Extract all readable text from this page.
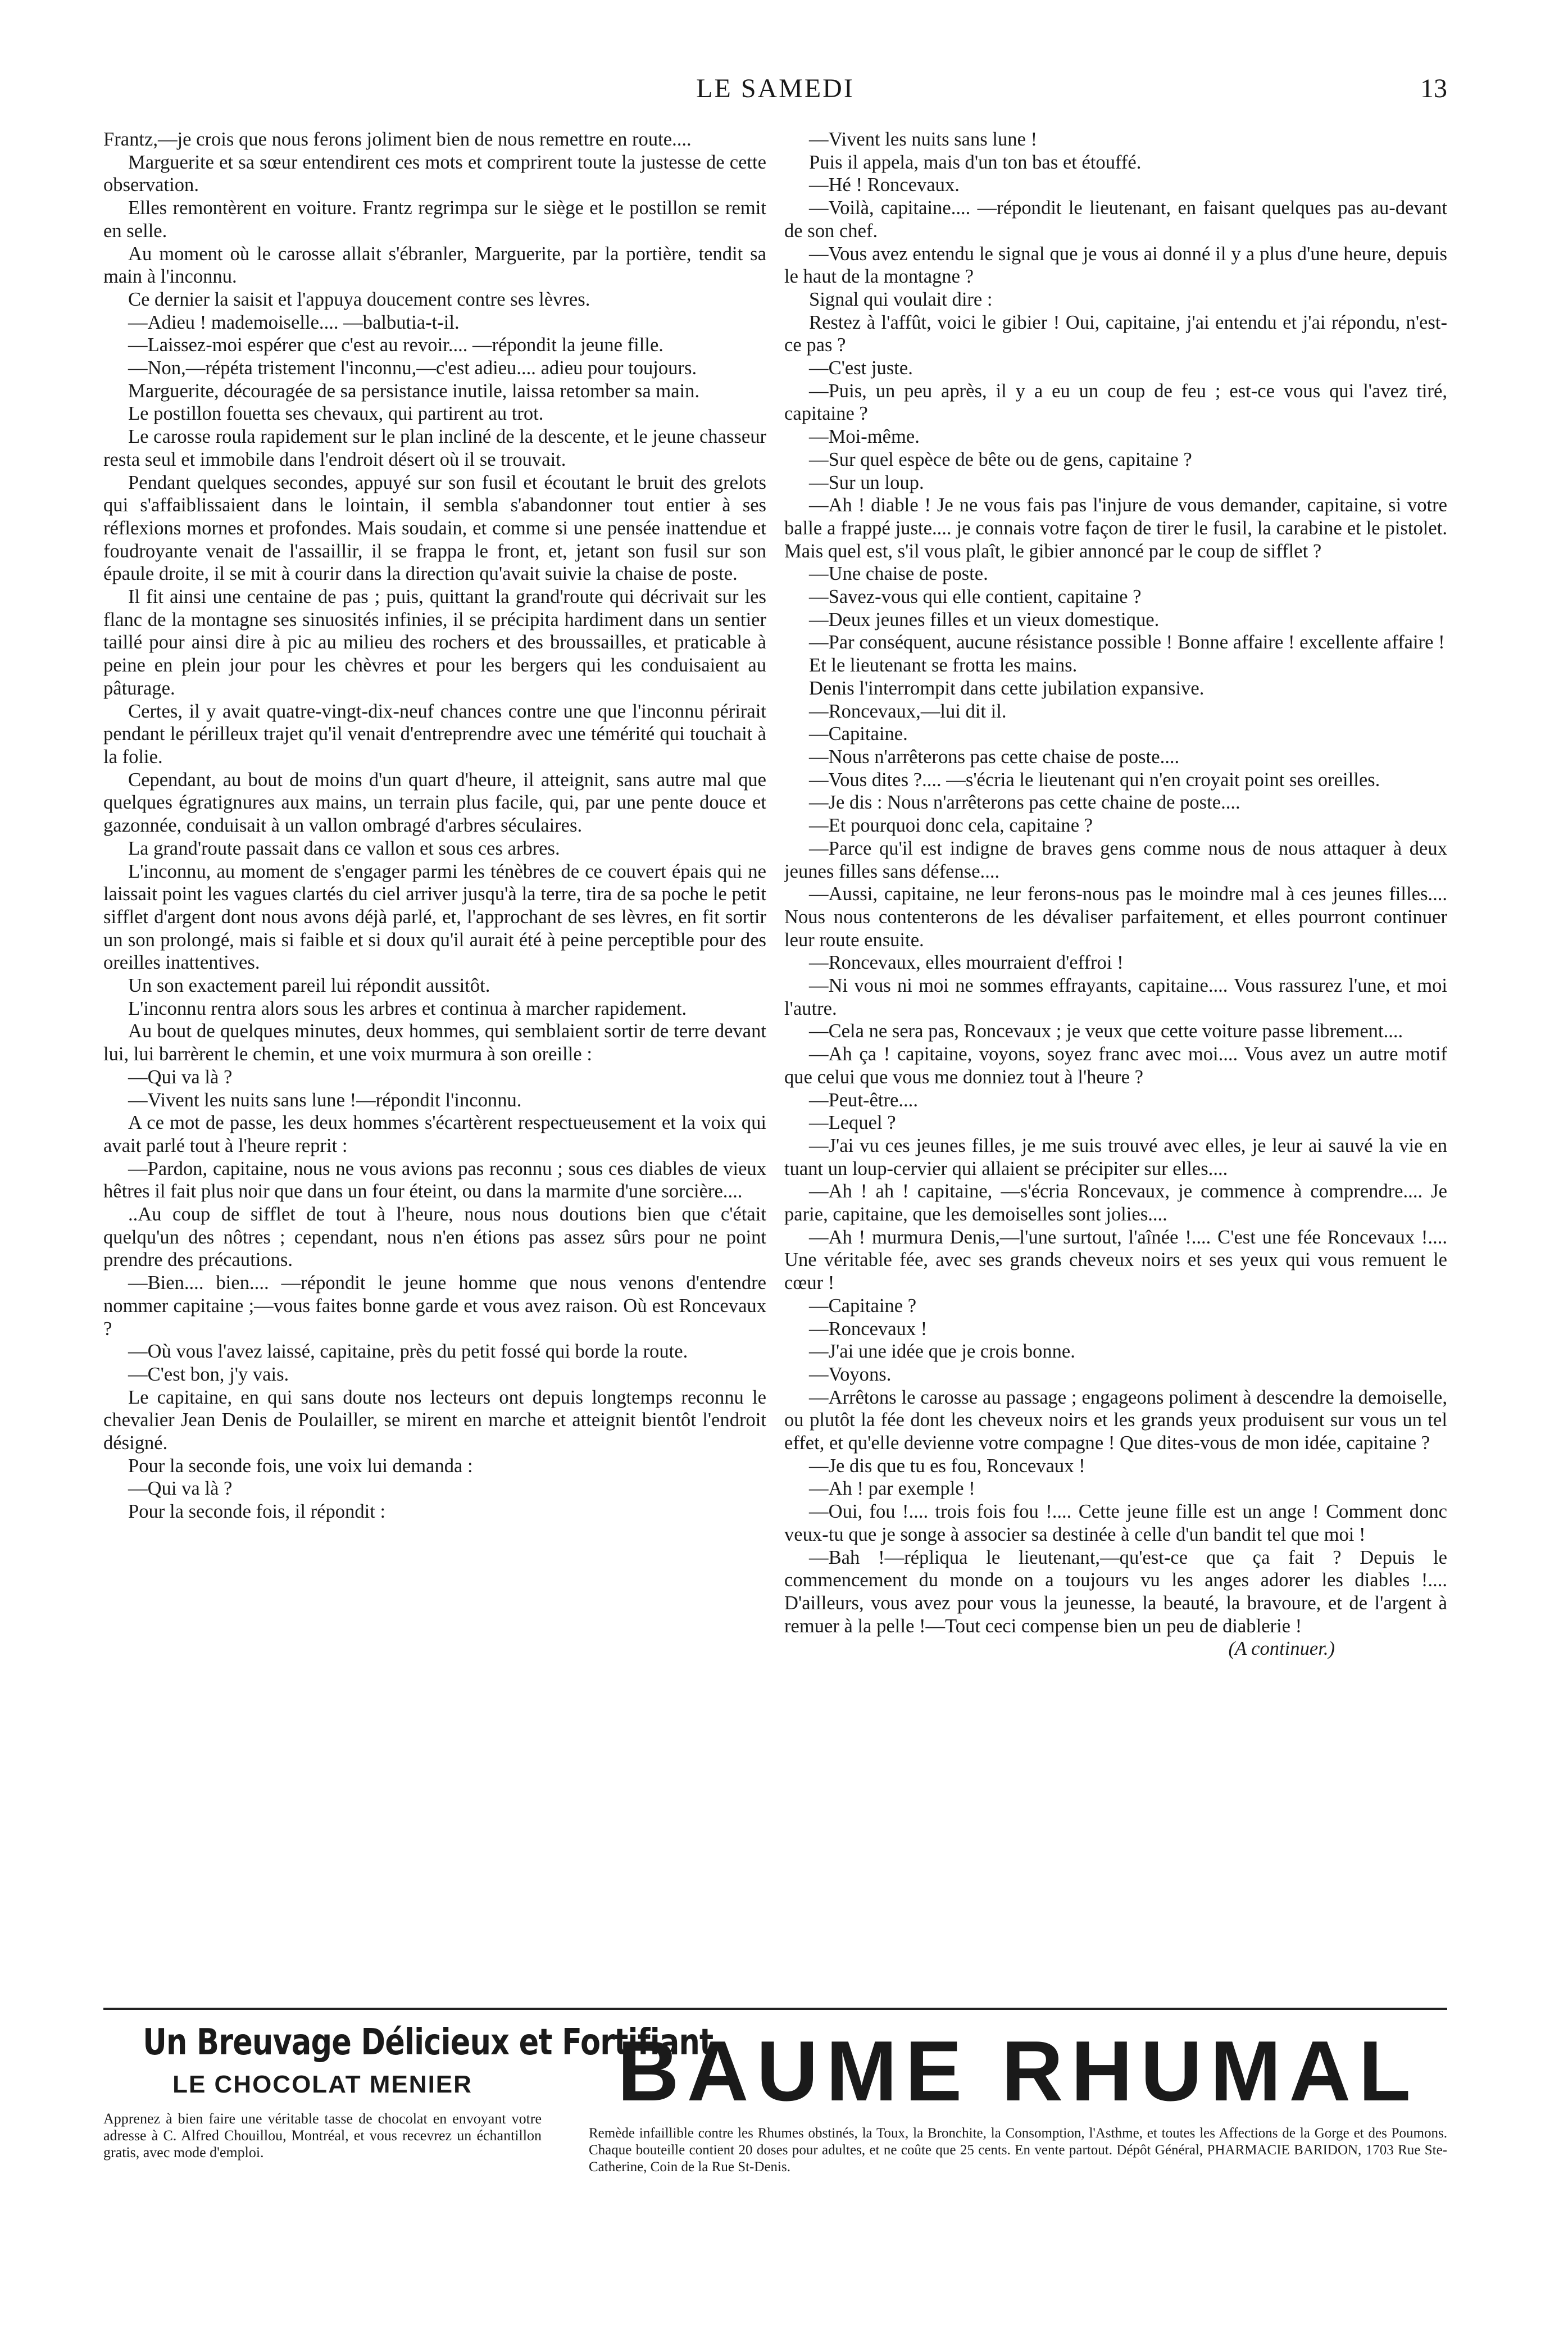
LE SAMEDI	13

Frantz,—je crois que nous ferons joliment bien de nous remettre en route....

Marguerite et sa sœur entendirent ces mots et comprirent toute la justesse de cette observation.

Elles remontèrent en voiture. Frantz regrimpa sur le siège et le postillon se remit en selle.

Au moment où le carosse allait s'ébranler, Marguerite, par la portière, tendit sa main à l'inconnu.

Ce dernier la saisit et l'appuya doucement contre ses lèvres.

—Adieu ! mademoiselle.... —balbutia-t-il.

—Laissez-moi espérer que c'est au revoir.... —répondit la jeune fille.

—Non,—répéta tristement l'inconnu,—c'est adieu.... adieu pour toujours.

Marguerite, découragée de sa persistance inutile, laissa retomber sa main.

Le postillon fouetta ses chevaux, qui partirent au trot.

Le carosse roula rapidement sur le plan incliné de la descente, et le jeune chasseur resta seul et immobile dans l'endroit désert où il se trouvait.

Pendant quelques secondes, appuyé sur son fusil et écoutant le bruit des grelots qui s'affaiblissaient dans le lointain, il sembla s'abandonner tout entier à ses réflexions mornes et profondes. Mais soudain, et comme si une pensée inattendue et foudroyante venait de l'assaillir, il se frappa le front, et, jetant son fusil sur son épaule droite, il se mit à courir dans la direction qu'avait suivie la chaise de poste.

Il fit ainsi une centaine de pas ; puis, quittant la grand'route qui décrivait sur les flanc de la montagne ses sinuosités infinies, il se précipita hardiment dans un sentier taillé pour ainsi dire à pic au milieu des rochers et des broussailles, et praticable à peine en plein jour pour les chèvres et pour les bergers qui les conduisaient au pâturage.

Certes, il y avait quatre-vingt-dix-neuf chances contre une que l'inconnu périrait pendant le périlleux trajet qu'il venait d'entreprendre avec une témérité qui touchait à la folie.

Cependant, au bout de moins d'un quart d'heure, il atteignit, sans autre mal que quelques égratignures aux mains, un terrain plus facile, qui, par une pente douce et gazonnée, conduisait à un vallon ombragé d'arbres séculaires.

La grand'route passait dans ce vallon et sous ces arbres.

L'inconnu, au moment de s'engager parmi les ténèbres de ce couvert épais qui ne laissait point les vagues clartés du ciel arriver jusqu'à la terre, tira de sa poche le petit sifflet d'argent dont nous avons déjà parlé, et, l'approchant de ses lèvres, en fit sortir un son prolongé, mais si faible et si doux qu'il aurait été à peine perceptible pour des oreilles inattentives.

Un son exactement pareil lui répondit aussitôt.

L'inconnu rentra alors sous les arbres et continua à marcher rapidement.

Au bout de quelques minutes, deux hommes, qui semblaient sortir de terre devant lui, lui barrèrent le chemin, et une voix murmura à son oreille :

—Qui va là ?

—Vivent les nuits sans lune !—répondit l'inconnu.

A ce mot de passe, les deux hommes s'écartèrent respectueusement et la voix qui avait parlé tout à l'heure reprit :

—Pardon, capitaine, nous ne vous avions pas reconnu ; sous ces diables de vieux hêtres il fait plus noir que dans un four éteint, ou dans la marmite d'une sorcière....

..Au coup de sifflet de tout à l'heure, nous nous doutions bien que c'était quelqu'un des nôtres ; cependant, nous n'en étions pas assez sûrs pour ne point prendre des précautions.

—Bien.... bien.... —répondit le jeune homme que nous venons d'entendre nommer capitaine ;—vous faites bonne garde et vous avez raison. Où est Roncevaux ?

—Où vous l'avez laissé, capitaine, près du petit fossé qui borde la route.

—C'est bon, j'y vais.

Le capitaine, en qui sans doute nos lecteurs ont depuis longtemps reconnu le chevalier Jean Denis de Poulailler, se mirent en marche et atteignit bientôt l'endroit désigné.

Pour la seconde fois, une voix lui demanda :

—Qui va là ?

Pour la seconde fois, il répondit :

—Vivent les nuits sans lune !

Puis il appela, mais d'un ton bas et étouffé.

—Hé ! Roncevaux.

—Voilà, capitaine.... —répondit le lieutenant, en faisant quelques pas au-devant de son chef.

—Vous avez entendu le signal que je vous ai donné il y a plus d'une heure, depuis le haut de la montagne ?

Signal qui voulait dire :

Restez à l'affût, voici le gibier ! Oui, capitaine, j'ai entendu et j'ai répondu, n'est-ce pas ?

—C'est juste.

—Puis, un peu après, il y a eu un coup de feu ; est-ce vous qui l'avez tiré, capitaine ?

—Moi-même.

—Sur quel espèce de bête ou de gens, capitaine ?

—Sur un loup.

—Ah ! diable ! Je ne vous fais pas l'injure de vous demander, capitaine, si votre balle a frappé juste.... je connais votre façon de tirer le fusil, la carabine et le pistolet. Mais quel est, s'il vous plaît, le gibier annoncé par le coup de sifflet ?

—Une chaise de poste.

—Savez-vous qui elle contient, capitaine ?

—Deux jeunes filles et un vieux domestique.

—Par conséquent, aucune résistance possible ! Bonne affaire ! excellente affaire !

Et le lieutenant se frotta les mains.

Denis l'interrompit dans cette jubilation expansive.

—Roncevaux,—lui dit il.

—Capitaine.

—Nous n'arrêterons pas cette chaise de poste....

—Vous dites ?.... —s'écria le lieutenant qui n'en croyait point ses oreilles.

—Je dis : Nous n'arrêterons pas cette chaine de poste....

—Et pourquoi donc cela, capitaine ?

—Parce qu'il est indigne de braves gens comme nous de nous attaquer à deux jeunes filles sans défense....

—Aussi, capitaine, ne leur ferons-nous pas le moindre mal à ces jeunes filles.... Nous nous contenterons de les dévaliser parfaitement, et elles pourront continuer leur route ensuite.

—Roncevaux, elles mourraient d'effroi !

—Ni vous ni moi ne sommes effrayants, capitaine.... Vous rassurez l'une, et moi l'autre.

—Cela ne sera pas, Roncevaux ; je veux que cette voiture passe librement....

—Ah ça ! capitaine, voyons, soyez franc avec moi.... Vous avez un autre motif que celui que vous me donniez tout à l'heure ?

—Peut-être....

—Lequel ?

—J'ai vu ces jeunes filles, je me suis trouvé avec elles, je leur ai sauvé la vie en tuant un loup-cervier qui allaient se précipiter sur elles....

—Ah ! ah ! capitaine, —s'écria Roncevaux, je commence à comprendre.... Je parie, capitaine, que les demoiselles sont jolies....

—Ah ! murmura Denis,—l'une surtout, l'aînée !.... C'est une fée Roncevaux !.... Une véritable fée, avec ses grands cheveux noirs et ses yeux qui vous remuent le cœur !

—Capitaine ?

—Roncevaux !

—J'ai une idée que je crois bonne.

—Voyons.

—Arrêtons le carosse au passage ; engageons poliment à descendre la demoiselle, ou plutôt la fée dont les cheveux noirs et les grands yeux produisent sur vous un tel effet, et qu'elle devienne votre compagne ! Que dites-vous de mon idée, capitaine ?

—Je dis que tu es fou, Roncevaux !

—Ah ! par exemple !

—Oui, fou !.... trois fois fou !.... Cette jeune fille est un ange ! Comment donc veux-tu que je songe à associer sa destinée à celle d'un bandit tel que moi !

—Bah !—répliqua le lieutenant,—qu'est-ce que ça fait ? Depuis le commencement du monde on a toujours vu les anges adorer les diables !.... D'ailleurs, vous avez pour vous la jeunesse, la beauté, la bravoure, et de l'argent à remuer à la pelle !—Tout ceci compense bien un peu de diablerie !

(A continuer.)

Un Breuvage Délicieux et Fortifiant
LE CHOCOLAT MENIER
Apprenez à bien faire une véritable tasse de chocolat en envoyant votre adresse à C. Alfred Chouillou, Montréal, et vous recevrez un échantillon gratis, avec mode d'emploi.
BAUME RHUMAL
Remède infaillible contre les Rhumes obstinés, la Toux, la Bronchite, la Consomption, l'Asthme, et toutes les Affections de la Gorge et des Poumons. Chaque bouteille contient 20 doses pour adultes, et ne coûte que 25 cents. En vente partout. Dépôt Général, PHARMACIE BARIDON, 1703 Rue Ste-Catherine, Coin de la Rue St-Denis.
